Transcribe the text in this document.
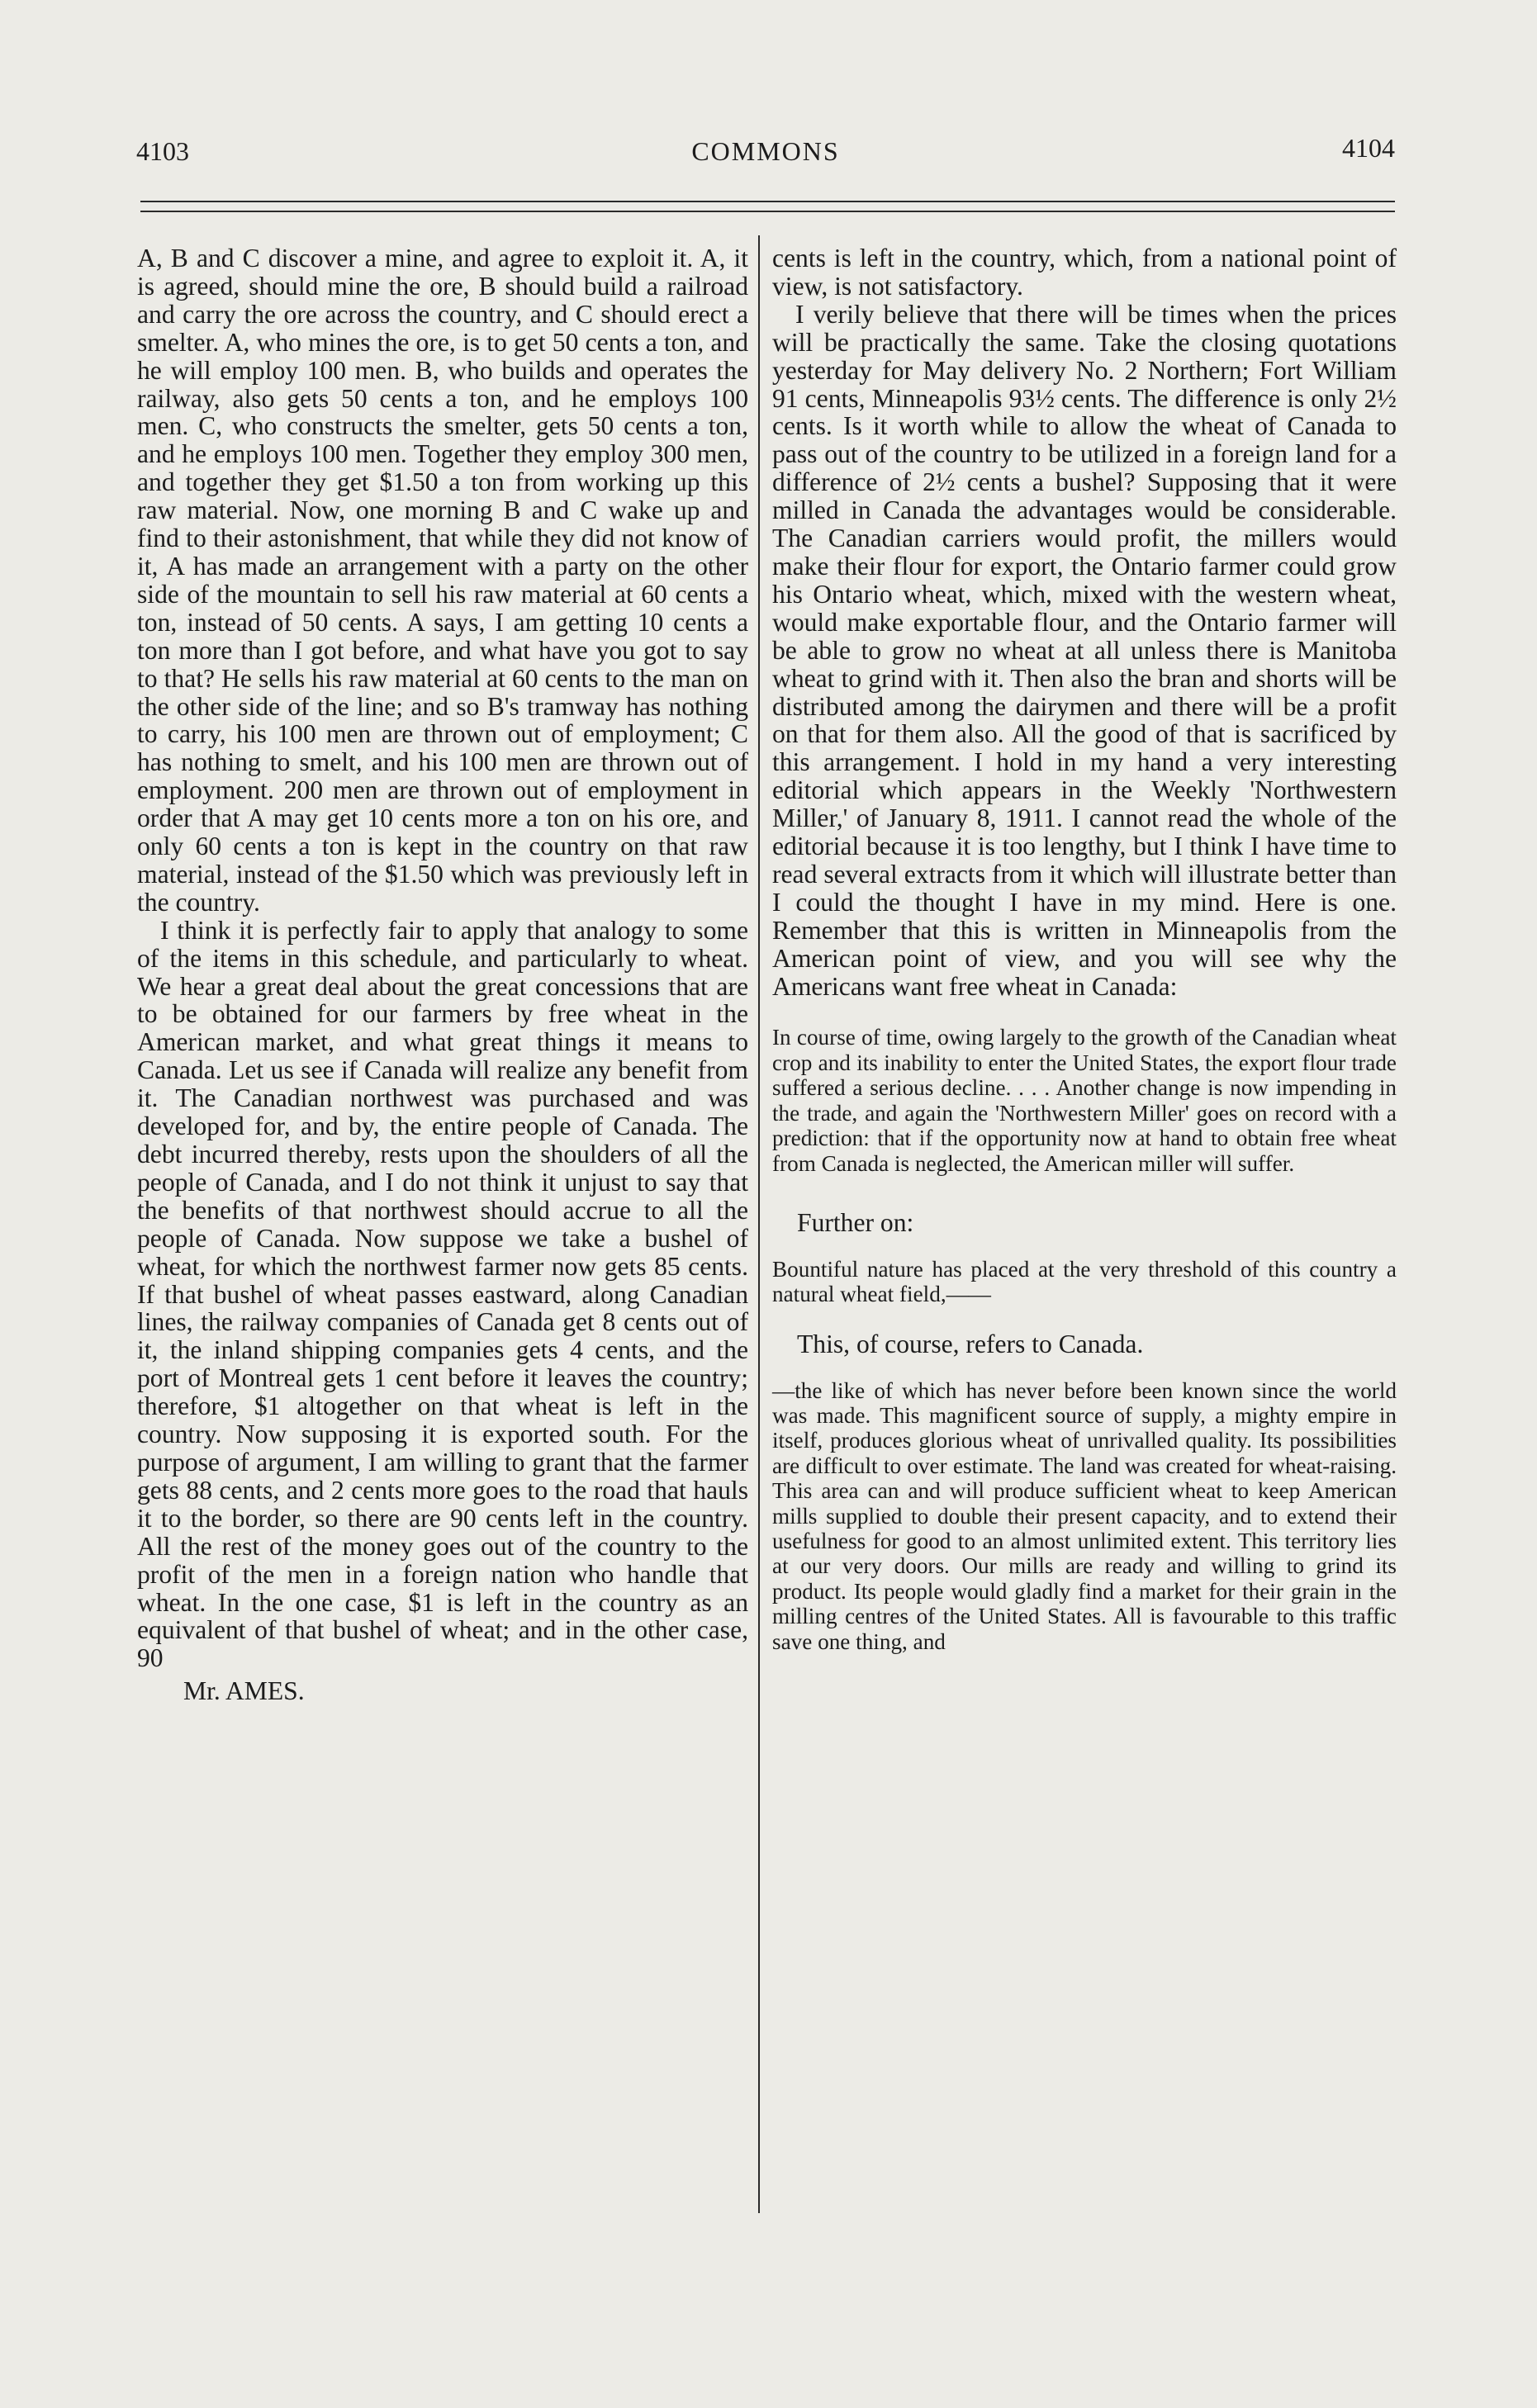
4103	COMMONS	4104

A, B and C discover a mine, and agree to exploit it. A, it is agreed, should mine the ore, B should build a railroad and carry the ore across the country, and C should erect a smelter. A, who mines the ore, is to get 50 cents a ton, and he will employ 100 men. B, who builds and operates the railway, also gets 50 cents a ton, and he employs 100 men. C, who constructs the smelter, gets 50 cents a ton, and he employs 100 men. Together they employ 300 men, and together they get $1.50 a ton from working up this raw material. Now, one morning B and C wake up and find to their astonishment, that while they did not know of it, A has made an arrangement with a party on the other side of the mountain to sell his raw material at 60 cents a ton, instead of 50 cents. A says, I am getting 10 cents a ton more than I got before, and what have you got to say to that? He sells his raw material at 60 cents to the man on the other side of the line; and so B's tramway has nothing to carry, his 100 men are thrown out of employment; C has nothing to smelt, and his 100 men are thrown out of employment. 200 men are thrown out of employment in order that A may get 10 cents more a ton on his ore, and only 60 cents a ton is kept in the country on that raw material, instead of the $1.50 which was previously left in the country.

I think it is perfectly fair to apply that analogy to some of the items in this schedule, and particularly to wheat. We hear a great deal about the great concessions that are to be obtained for our farmers by free wheat in the American market, and what great things it means to Canada. Let us see if Canada will realize any benefit from it. The Canadian northwest was purchased and was developed for, and by, the entire people of Canada. The debt incurred thereby, rests upon the shoulders of all the people of Canada, and I do not think it unjust to say that the benefits of that northwest should accrue to all the people of Canada. Now suppose we take a bushel of wheat, for which the northwest farmer now gets 85 cents. If that bushel of wheat passes eastward, along Canadian lines, the railway companies of Canada get 8 cents out of it, the inland shipping companies gets 4 cents, and the port of Montreal gets 1 cent before it leaves the country; therefore, $1 altogether on that wheat is left in the country. Now supposing it is exported south. For the purpose of argument, I am willing to grant that the farmer gets 88 cents, and 2 cents more goes to the road that hauls it to the border, so there are 90 cents left in the country. All the rest of the money goes out of the country to the profit of the men in a foreign nation who handle that wheat. In the one case, $1 is left in the country as an equivalent of that bushel of wheat; and in the other case, 90

Mr. AMES.

cents is left in the country, which, from a national point of view, is not satisfactory.

I verily believe that there will be times when the prices will be practically the same. Take the closing quotations yesterday for May delivery No. 2 Northern; Fort William 91 cents, Minneapolis 93½ cents. The difference is only 2½ cents. Is it worth while to allow the wheat of Canada to pass out of the country to be utilized in a foreign land for a difference of 2½ cents a bushel? Supposing that it were milled in Canada the advantages would be considerable. The Canadian carriers would profit, the millers would make their flour for export, the Ontario farmer could grow his Ontario wheat, which, mixed with the western wheat, would make exportable flour, and the Ontario farmer will be able to grow no wheat at all unless there is Manitoba wheat to grind with it. Then also the bran and shorts will be distributed among the dairymen and there will be a profit on that for them also. All the good of that is sacrificed by this arrangement. I hold in my hand a very interesting editorial which appears in the Weekly 'Northwestern Miller,' of January 8, 1911. I cannot read the whole of the editorial because it is too lengthy, but I think I have time to read several extracts from it which will illustrate better than I could the thought I have in my mind. Here is one. Remember that this is written in Minneapolis from the American point of view, and you will see why the Americans want free wheat in Canada:

In course of time, owing largely to the growth of the Canadian wheat crop and its inability to enter the United States, the export flour trade suffered a serious decline. . . . Another change is now impending in the trade, and again the 'Northwestern Miller' goes on record with a prediction: that if the opportunity now at hand to obtain free wheat from Canada is neglected, the American miller will suffer.

Further on:

Bountiful nature has placed at the very threshold of this country a natural wheat field,——

This, of course, refers to Canada.

—the like of which has never before been known since the world was made. This magnificent source of supply, a mighty empire in itself, produces glorious wheat of unrivalled quality. Its possibilities are difficult to over estimate. The land was created for wheat-raising. This area can and will produce sufficient wheat to keep American mills supplied to double their present capacity, and to extend their usefulness for good to an almost unlimited extent. This territory lies at our very doors. Our mills are ready and willing to grind its product. Its people would gladly find a market for their grain in the milling centres of the United States. All is favourable to this traffic save one thing, and
